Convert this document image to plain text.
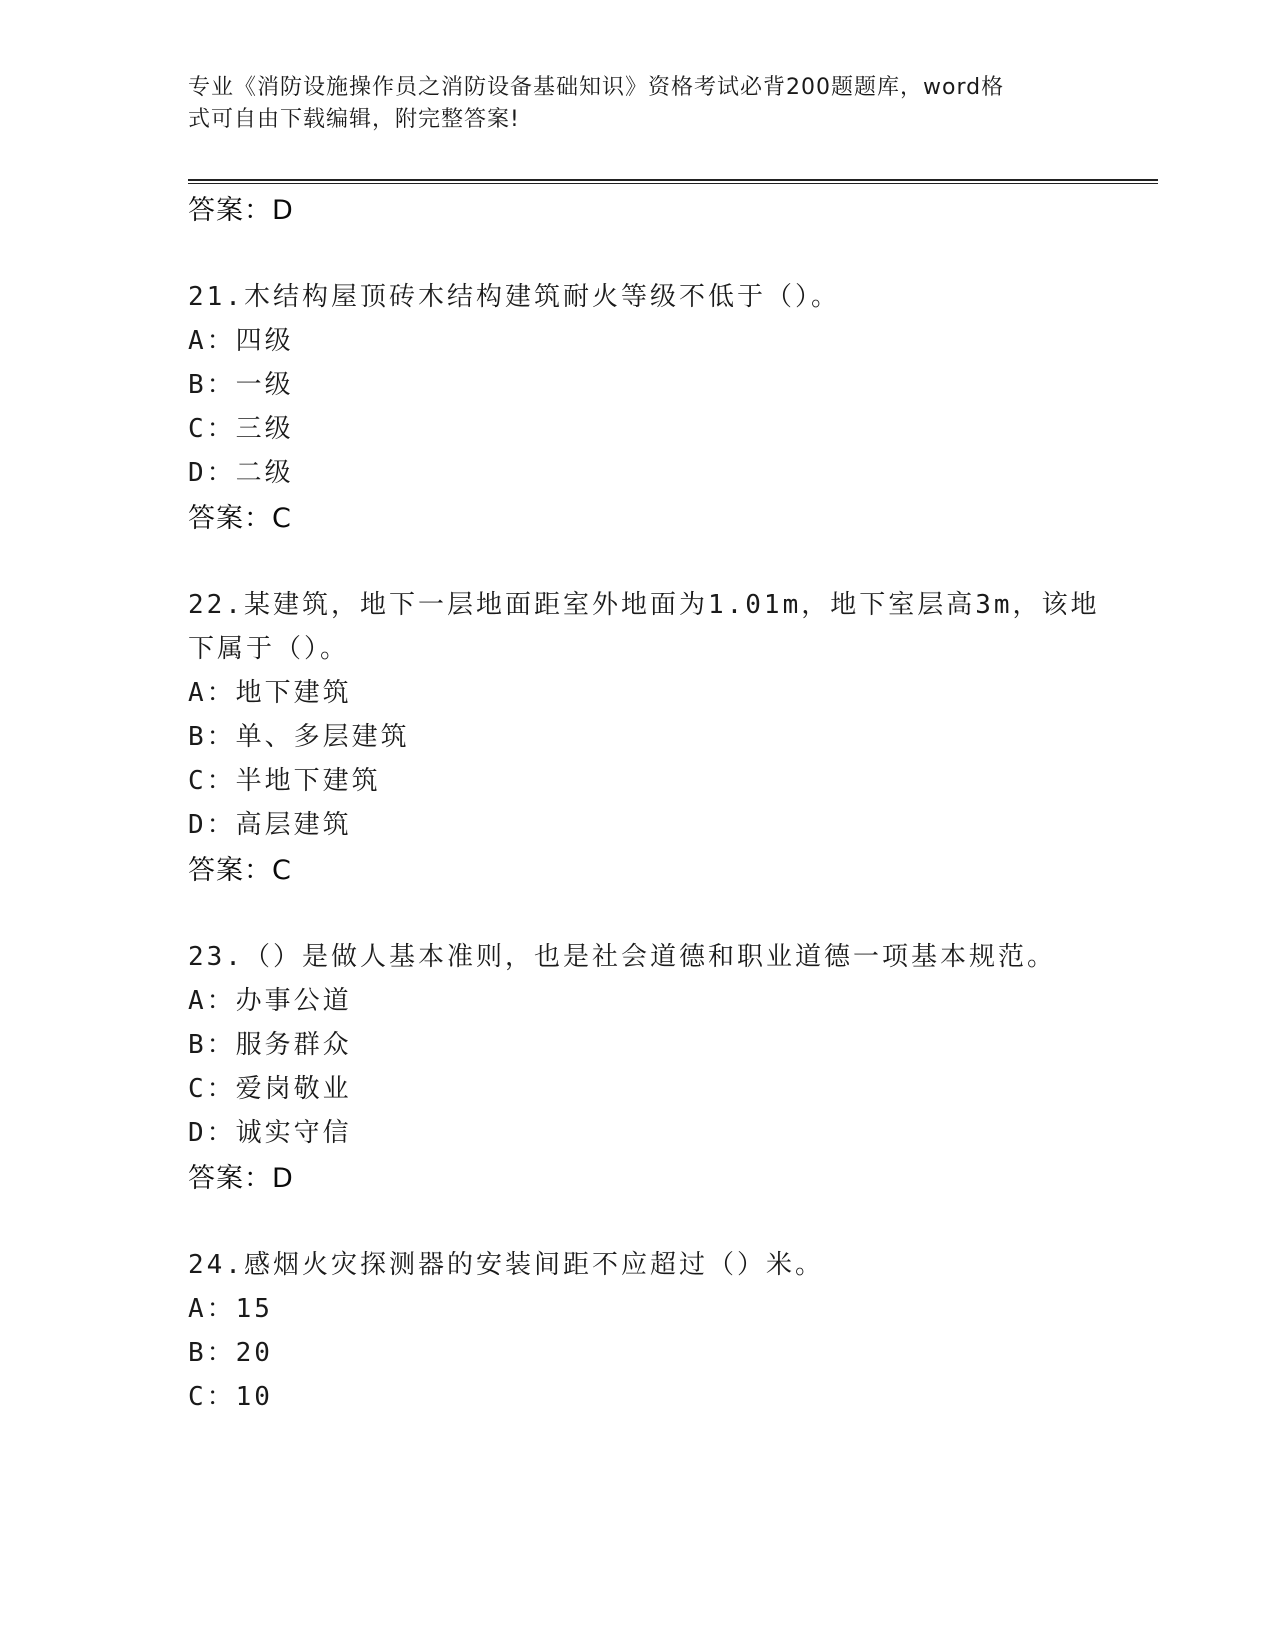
专业《消防设施操作员之消防设备基础知识》资格考试必背200题题库，word格
式可自由下载编辑，附完整答案!
答案：D
21.木结构屋顶砖木结构建筑耐火等级不低于（）。
A：四级
B：一级
C：三级
D：二级
答案：C
22.某建筑，地下一层地面距室外地面为1.01m，地下室层高3m，该地
下属于（）。
A：地下建筑
B：单、多层建筑
C：半地下建筑
D：高层建筑
答案：C
23.（）是做人基本准则，也是社会道德和职业道德一项基本规范。
A：办事公道
B：服务群众
C：爱岗敬业
D：诚实守信
答案：D
24.感烟火灾探测器的安装间距不应超过（）米。
A：15
B：20
C：10
